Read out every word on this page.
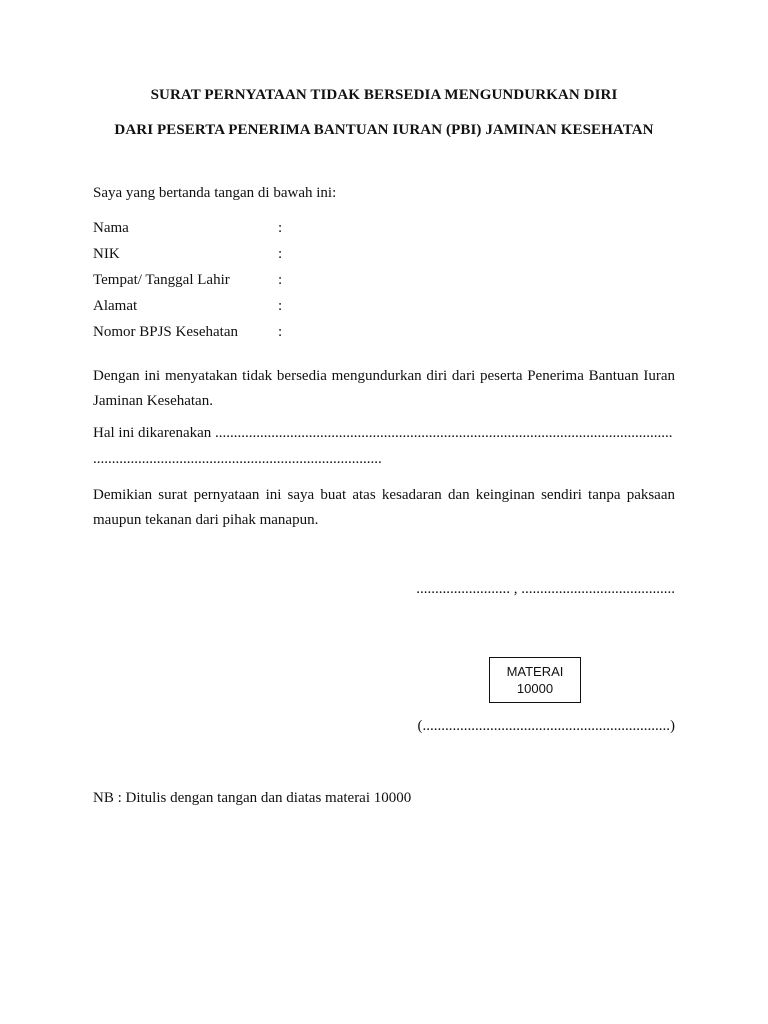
SURAT PERNYATAAN TIDAK BERSEDIA MENGUNDURKAN DIRI
DARI PESERTA PENERIMA BANTUAN IURAN (PBI) JAMINAN KESEHATAN
Saya yang bertanda tangan di bawah ini:
Nama	:
NIK	:
Tempat/ Tanggal Lahir	:
Alamat	:
Nomor BPJS Kesehatan	:
Dengan ini menyatakan tidak bersedia mengundurkan diri dari peserta Penerima Bantuan Iuran Jaminan Kesehatan.
Hal ini dikarenakan ..........................................................................................................................
.............................................................................
Demikian surat pernyataan ini saya buat atas kesadaran dan keinginan sendiri tanpa paksaan maupun tekanan dari pihak manapun.
......................... , .........................................
MATERAI
10000
(..................................................................)
NB : Ditulis dengan tangan dan diatas materai 10000
